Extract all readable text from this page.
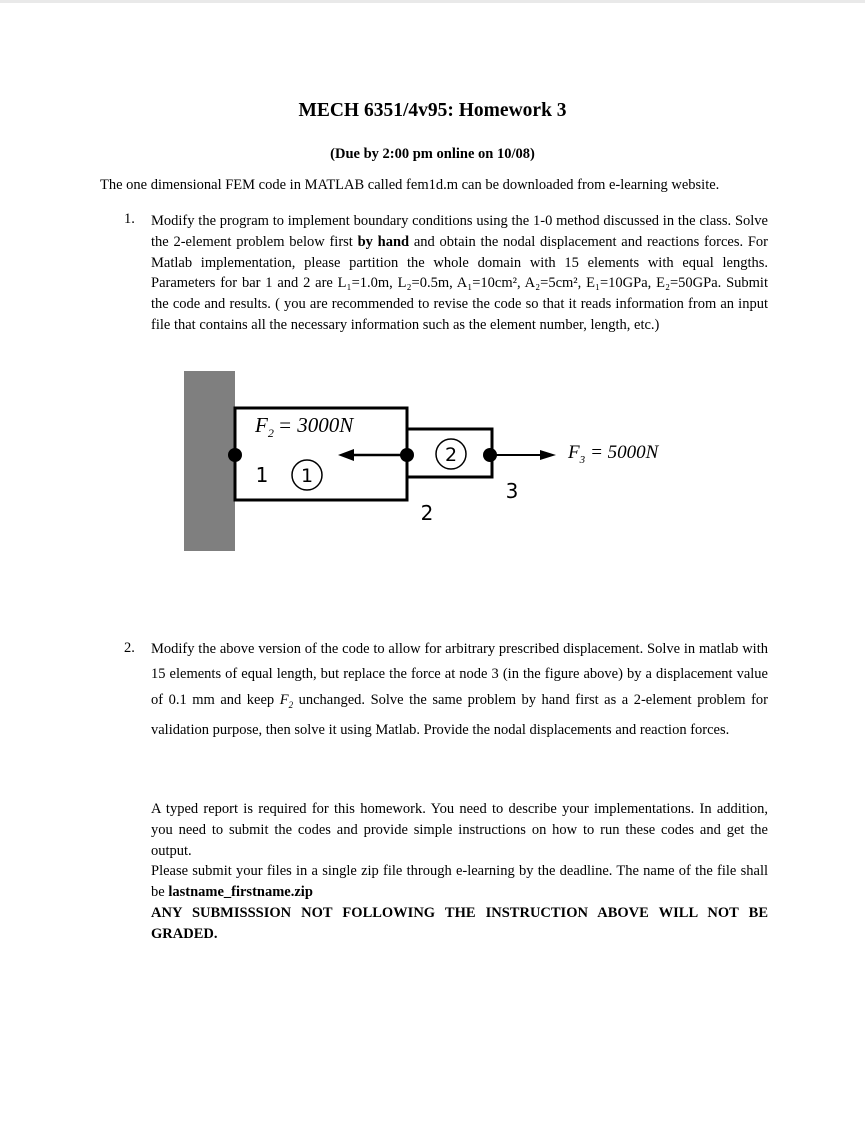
MECH 6351/4v95: Homework 3
(Due by 2:00 pm online on 10/08)
The one dimensional FEM code in MATLAB called fem1d.m can be downloaded from e-learning website.
1. Modify the program to implement boundary conditions using the 1-0 method discussed in the class. Solve the 2-element problem below first by hand and obtain the nodal displacement and reactions forces. For Matlab implementation, please partition the whole domain with 15 elements with equal lengths. Parameters for bar 1 and 2 are L₁=1.0m, L₂=0.5m, A₁=10cm², A₂=5cm², E₁=10GPa, E₂=50GPa. Submit the code and results. ( you are recommended to revise the code so that it reads information from an input file that contains all the necessary information such as the element number, length, etc.)
1
2
1
2
3
$F_2 = 3000N$
$F_3 = 5000N$
2. Modify the above version of the code to allow for arbitrary prescribed displacement. Solve in matlab with 15 elements of equal length, but replace the force at node 3 (in the figure above) by a displacement value of 0.1 mm and keep $F_2$ unchanged. Solve the same problem by hand first as a 2-element problem for validation purpose, then solve it using Matlab. Provide the nodal displacements and reaction forces.
A typed report is required for this homework. You need to describe your implementations. In addition, you need to submit the codes and provide simple instructions on how to run these codes and get the output.
Please submit your files in a single zip file through e-learning by the deadline. The name of the file shall be lastname_firstname.zip
ANY SUBMISSSION NOT FOLLOWING THE INSTRUCTION ABOVE WILL NOT BE GRADED.
